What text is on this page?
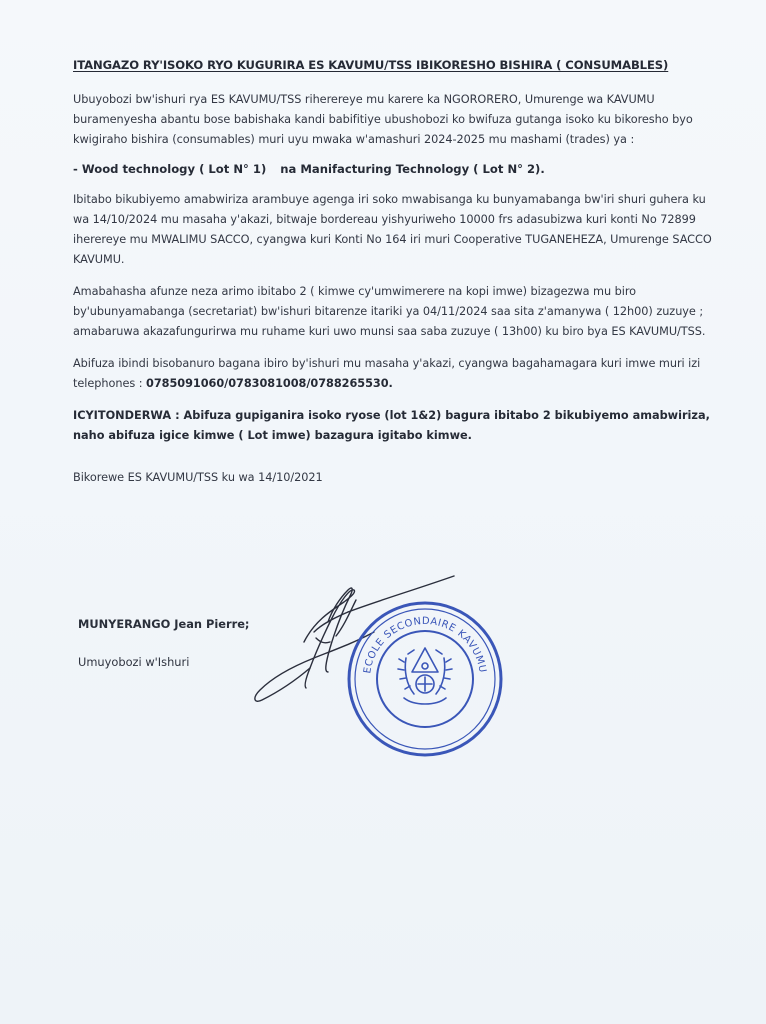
ITANGAZO RY'ISOKO RYO KUGURIRA ES KAVUMU/TSS IBIKORESHO BISHIRA ( CONSUMABLES)

Ubuyobozi bw'ishuri rya ES KAVUMU/TSS riherereye mu karere ka NGORORERO, Umurenge wa KAVUMU buramenyesha abantu bose babishaka kandi babifitiye ubushobozi ko bwifuza gutanga isoko ku bikoresho byo kwigiraho bishira (consumables) muri uyu mwaka w'amashuri 2024-2025 mu mashami (trades) ya :

- Wood technology ( Lot N° 1) na Manifacturing Technology ( Lot N° 2).

Ibitabo bikubiyemo amabwiriza arambuye agenga iri soko mwabisanga ku bunyamabanga bw'iri shuri guhera ku wa 14/10/2024 mu masaha y'akazi, bitwaje bordereau yishyuriweho 10000 frs adasubizwa kuri konti No 72899 iherereye mu MWALIMU SACCO, cyangwa kuri Konti No 164 iri muri Cooperative TUGANEHEZA, Umurenge SACCO KAVUMU.

Amabahasha afunze neza arimo ibitabo 2 ( kimwe cy'umwimerere na kopi imwe) bizagezwa mu biro by'ubunyamabanga (secretariat) bw'ishuri bitarenze itariki ya 04/11/2024 saa sita z'amanywa ( 12h00) zuzuye ; amabaruwa akazafungurirwa mu ruhame kuri uwo munsi saa saba zuzuye ( 13h00) ku biro bya ES KAVUMU/TSS.

Abifuza ibindi bisobanuro bagana ibiro by'ishuri mu masaha y'akazi, cyangwa bagahamagara kuri imwe muri izi telephones : 0785091060/0783081008/0788265530.

ICYITONDERWA : Abifuza gupiganira isoko ryose (lot 1&2) bagura ibitabo 2 bikubiyemo amabwiriza, naho abifuza igice kimwe ( Lot imwe) bazagura igitabo kimwe.

Bikorewe ES KAVUMU/TSS ku wa 14/10/2021

MUNYERANGO Jean Pierre;
Umuyobozi w'Ishuri
ECOLE SECONDAIRE KAVUMU
